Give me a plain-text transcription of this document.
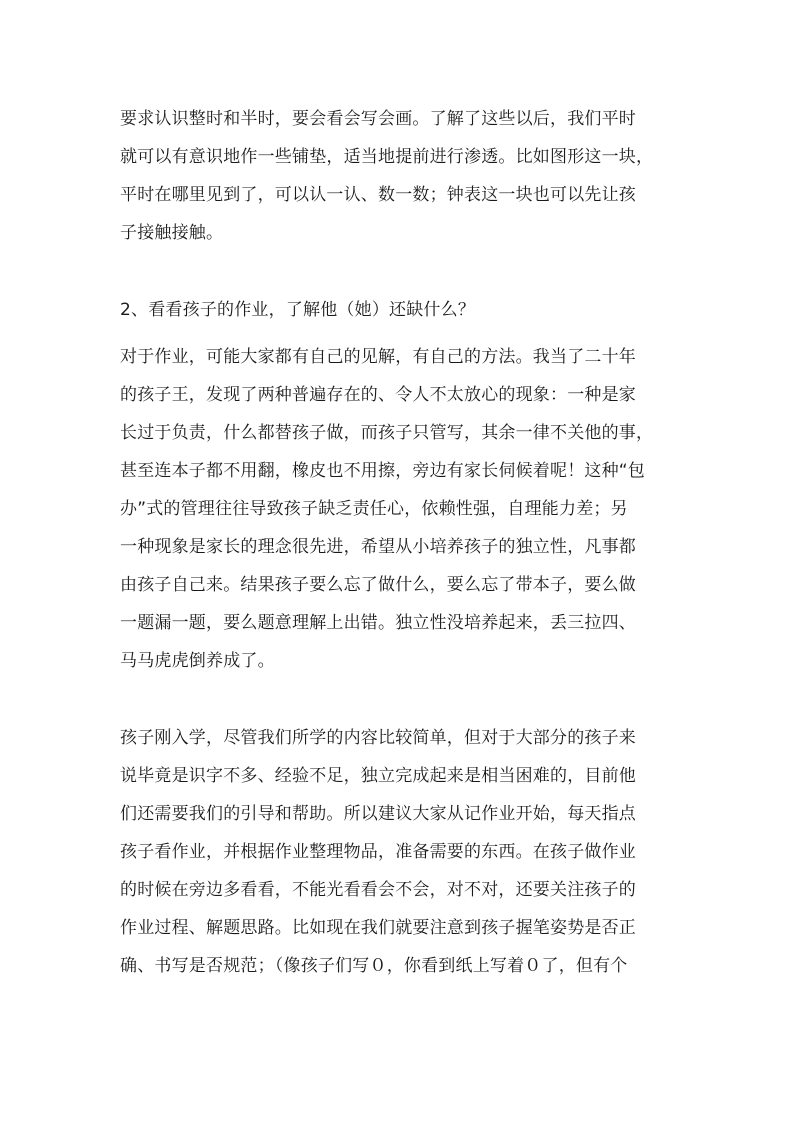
要求认识整时和半时，要会看会写会画。了解了这些以后，我们平时
就可以有意识地作一些铺垫，适当地提前进行渗透。比如图形这一块，
平时在哪里见到了，可以认一认、数一数；钟表这一块也可以先让孩
子接触接触。
2、看看孩子的作业，了解他（她）还缺什么？
对于作业，可能大家都有自己的见解，有自己的方法。我当了二十年
的孩子王，发现了两种普遍存在的、令人不太放心的现象：一种是家
长过于负责，什么都替孩子做，而孩子只管写，其余一律不关他的事，
甚至连本子都不用翻，橡皮也不用擦，旁边有家长伺候着呢！这种“包
办”式的管理往往导致孩子缺乏责任心，依赖性强，自理能力差；另
一种现象是家长的理念很先进，希望从小培养孩子的独立性，凡事都
由孩子自己来。结果孩子要么忘了做什么，要么忘了带本子，要么做
一题漏一题，要么题意理解上出错。独立性没培养起来，丢三拉四、
马马虎虎倒养成了。
孩子刚入学，尽管我们所学的内容比较简单，但对于大部分的孩子来
说毕竟是识字不多、经验不足，独立完成起来是相当困难的，目前他
们还需要我们的引导和帮助。所以建议大家从记作业开始，每天指点
孩子看作业，并根据作业整理物品，准备需要的东西。在孩子做作业
的时候在旁边多看看，不能光看看会不会，对不对，还要关注孩子的
作业过程、解题思路。比如现在我们就要注意到孩子握笔姿势是否正
确、书写是否规范；（像孩子们写０，你看到纸上写着０了，但有个
